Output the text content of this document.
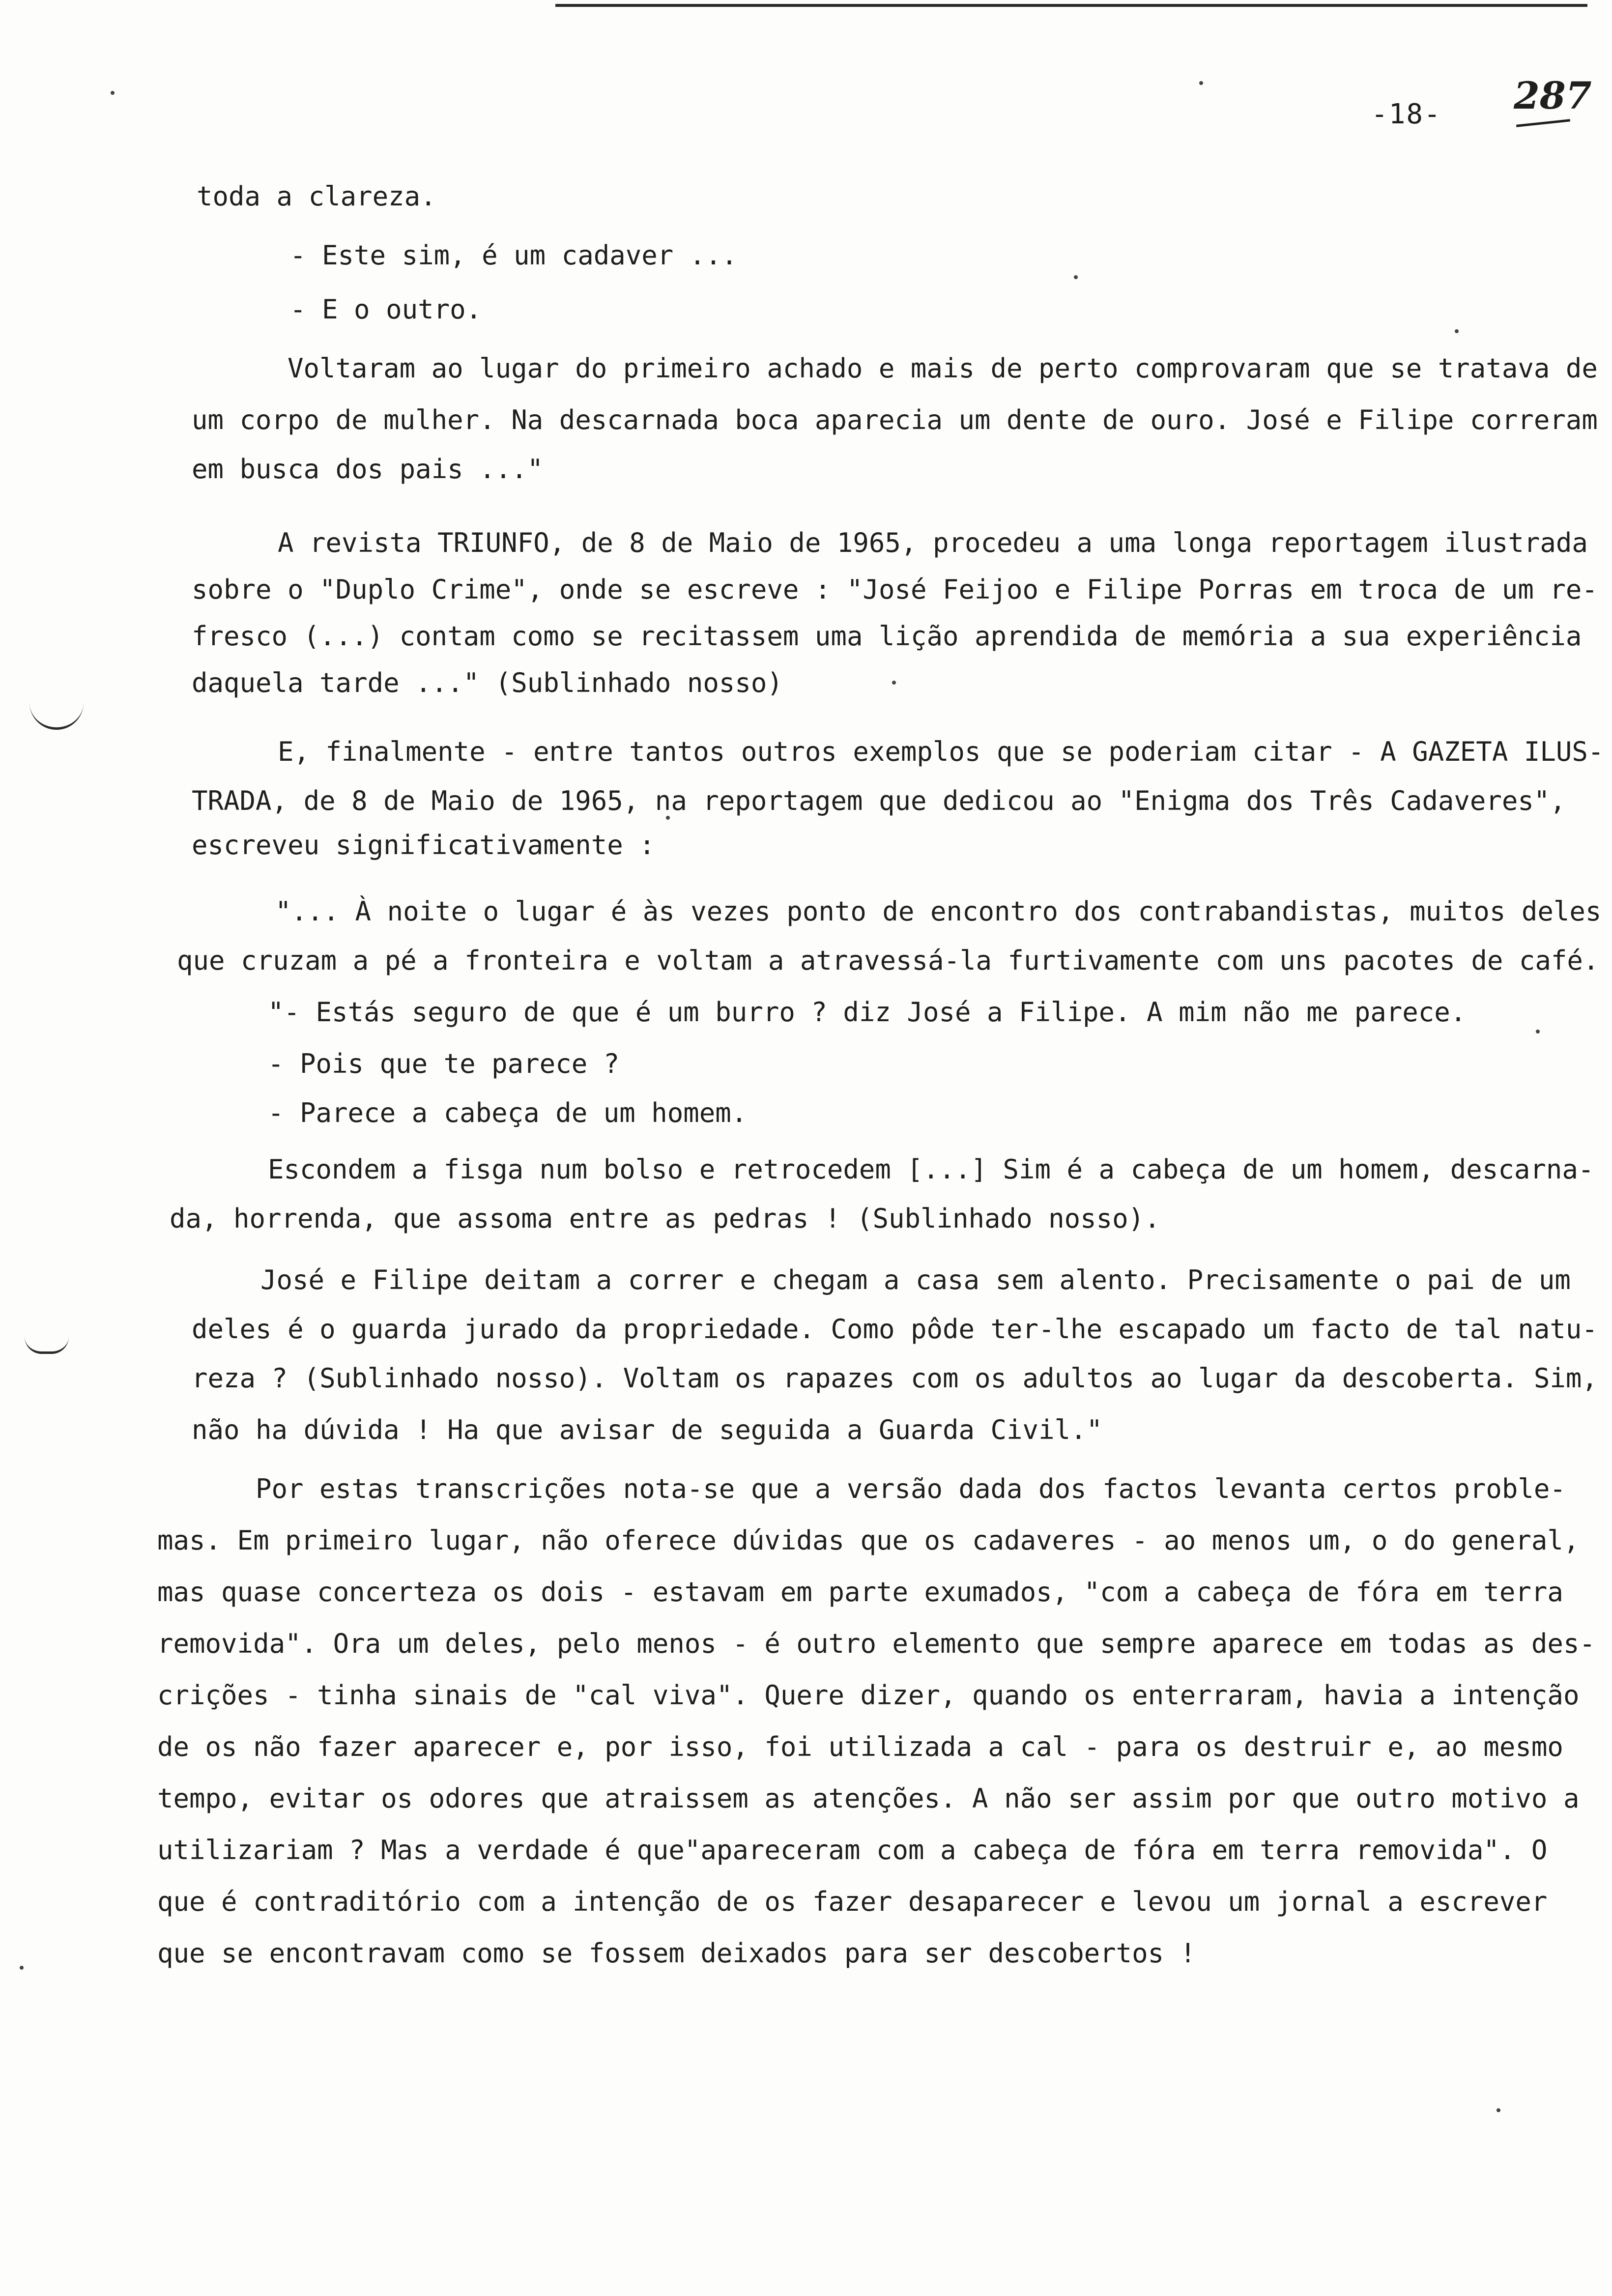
-18- 287
toda a clareza.
- Este sim, é um cadaver ...
- E o outro.
Voltaram ao lugar do primeiro achado e mais de perto comprovaram que se tratava de
um corpo de mulher. Na descarnada boca aparecia um dente de ouro. José e Filipe correram
em busca dos pais ..."
A revista TRIUNFO, de 8 de Maio de 1965, procedeu a uma longa reportagem ilustrada
sobre o "Duplo Crime", onde se escreve : "José Feijoo e Filipe Porras em troca de um re-
fresco (...) contam como se recitassem uma lição aprendida de memória a sua experiência
daquela tarde ..." (Sublinhado nosso)
E, finalmente - entre tantos outros exemplos que se poderiam citar - A GAZETA ILUS-
TRADA, de 8 de Maio de 1965, na reportagem que dedicou ao "Enigma dos Três Cadaveres",
escreveu significativamente :
"... À noite o lugar é às vezes ponto de encontro dos contrabandistas, muitos deles
que cruzam a pé a fronteira e voltam a atravessá-la furtivamente com uns pacotes de café.
"- Estás seguro de que é um burro ? diz José a Filipe. A mim não me parece.
- Pois que te parece ?
- Parece a cabeça de um homem.
Escondem a fisga num bolso e retrocedem [...] Sim é a cabeça de um homem, descarna-
da, horrenda, que assoma entre as pedras ! (Sublinhado nosso).
José e Filipe deitam a correr e chegam a casa sem alento. Precisamente o pai de um
deles é o guarda jurado da propriedade. Como pôde ter-lhe escapado um facto de tal natu-
reza ? (Sublinhado nosso). Voltam os rapazes com os adultos ao lugar da descoberta. Sim,
não ha dúvida ! Ha que avisar de seguida a Guarda Civil."
Por estas transcrições nota-se que a versão dada dos factos levanta certos proble-
mas. Em primeiro lugar, não oferece dúvidas que os cadaveres - ao menos um, o do general,
mas quase concerteza os dois - estavam em parte exumados, "com a cabeça de fóra em terra
removida". Ora um deles, pelo menos - é outro elemento que sempre aparece em todas as des-
crições - tinha sinais de "cal viva". Quere dizer, quando os enterraram, havia a intenção
de os não fazer aparecer e, por isso, foi utilizada a cal - para os destruir e, ao mesmo
tempo, evitar os odores que atraissem as atenções. A não ser assim por que outro motivo a
utilizariam ? Mas a verdade é que"apareceram com a cabeça de fóra em terra removida". O
que é contraditório com a intenção de os fazer desaparecer e levou um jornal a escrever
que se encontravam como se fossem deixados para ser descobertos !
